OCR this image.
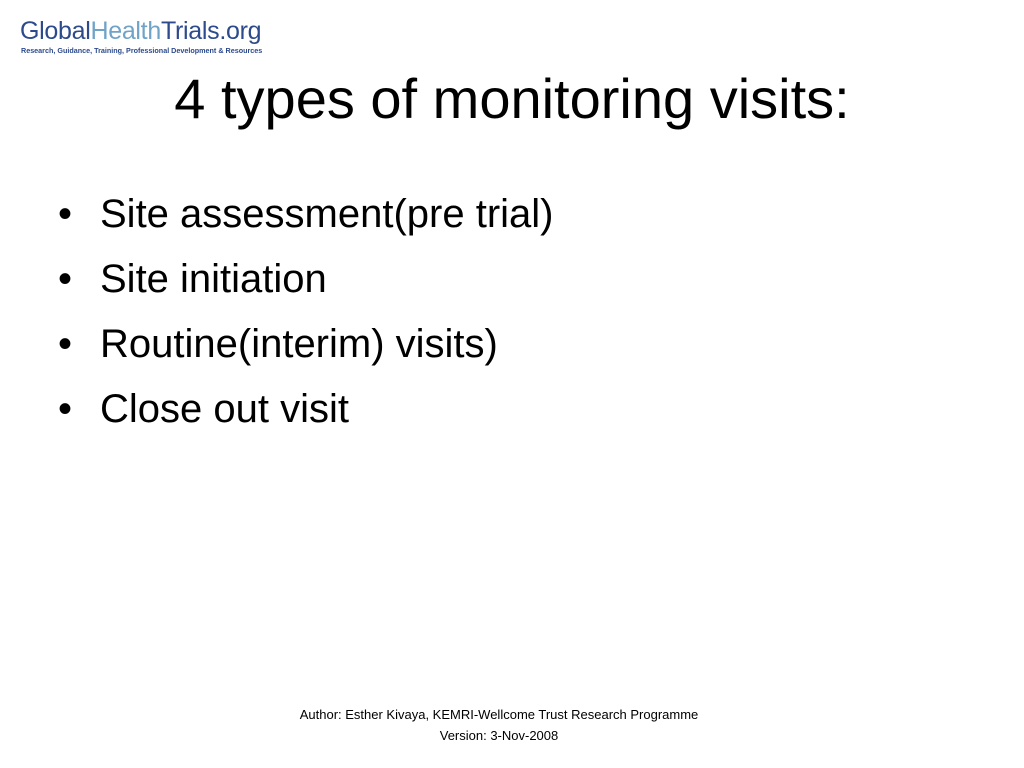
GlobalHealthTrials.org
Research, Guidance, Training, Professional Development & Resources
4 types of monitoring visits:
• Site assessment(pre trial)
• Site initiation
• Routine(interim) visits)
• Close out visit
Author: Esther Kivaya, KEMRI-Wellcome Trust Research Programme
Version: 3-Nov-2008
